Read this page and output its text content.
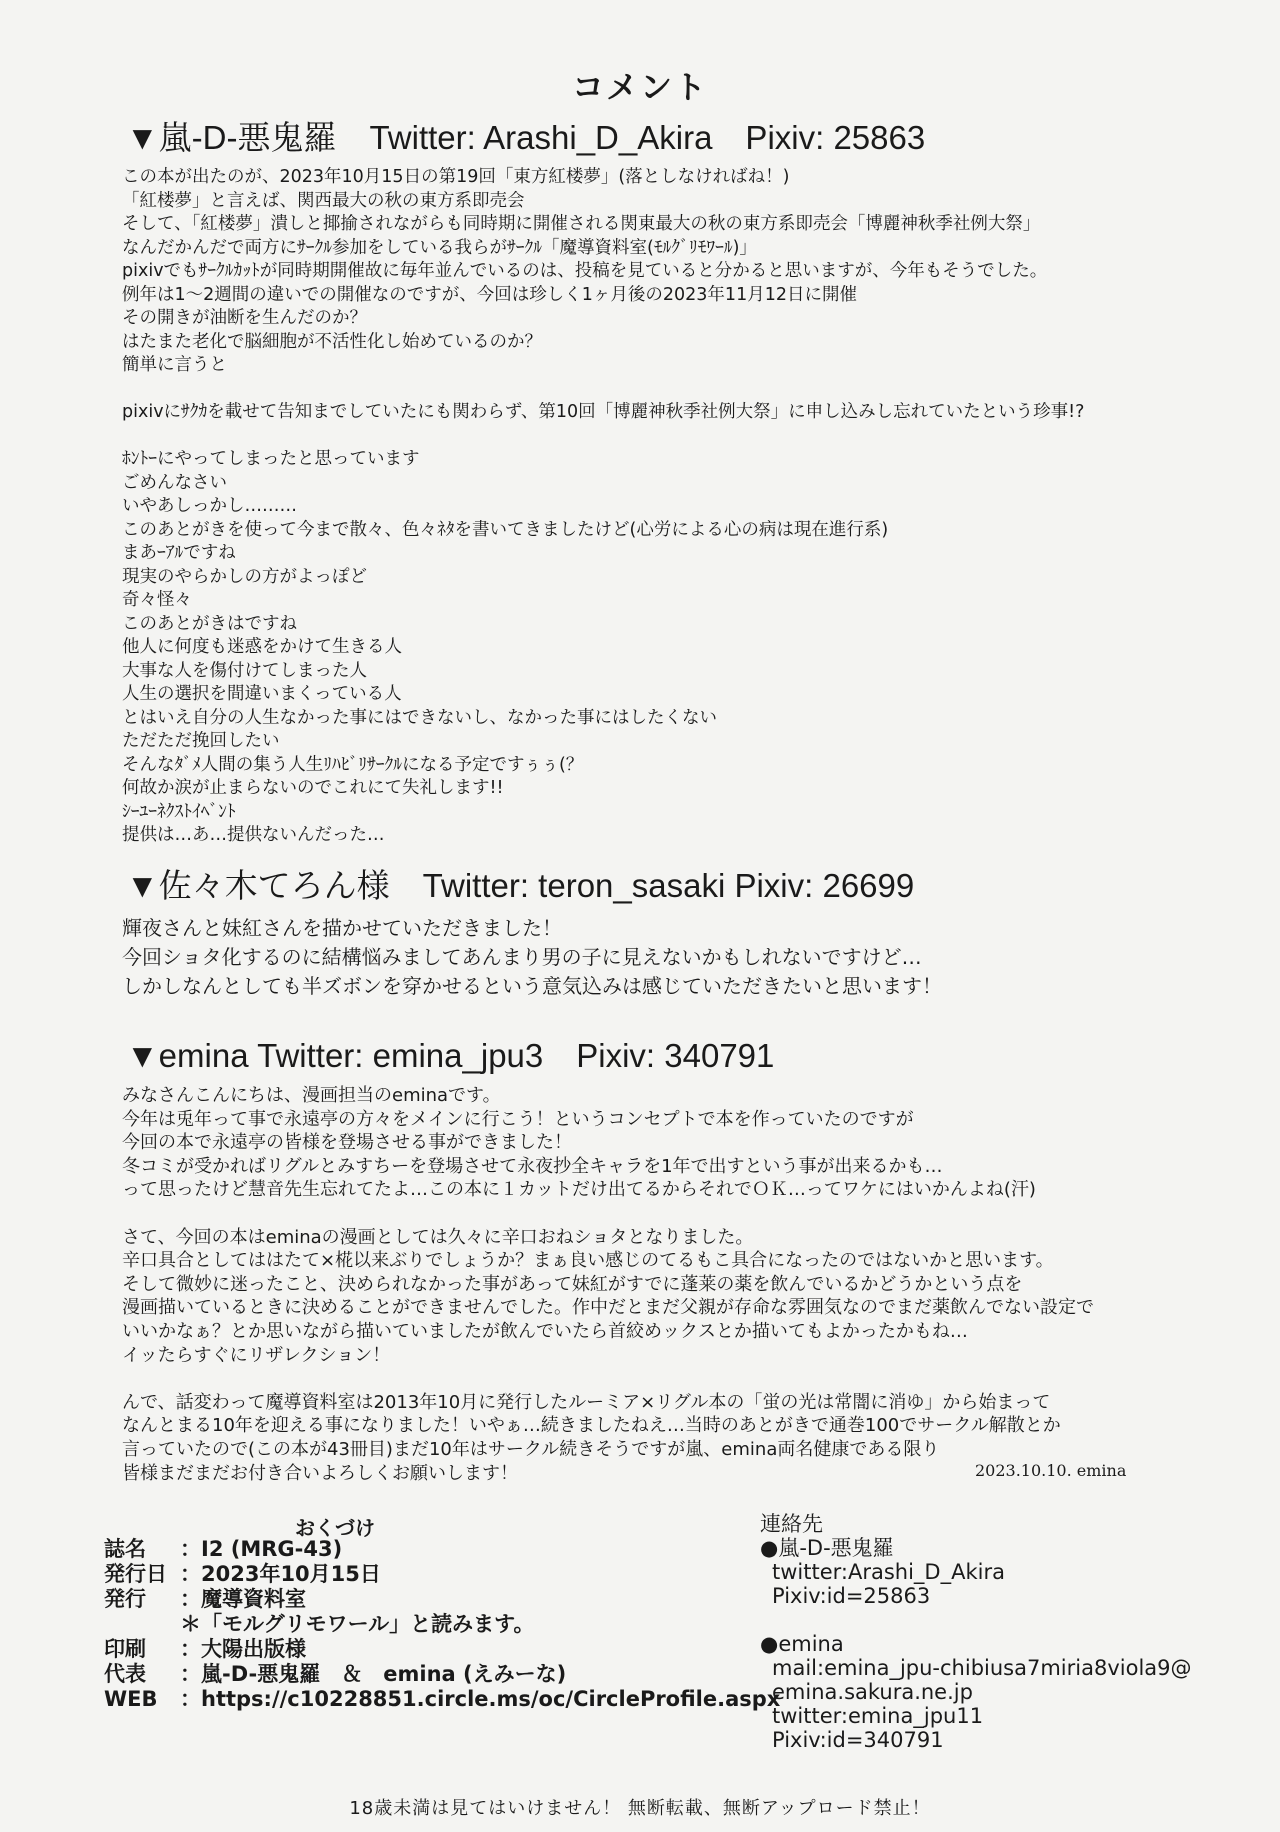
コメント
▼嵐-D-悪鬼羅　Twitter: Arashi_D_Akira　Pixiv: 25863
この本が出たのが、2023年10月15日の第19回「東方紅楼夢」(落としなければね！)
「紅楼夢」と言えば、関西最大の秋の東方系即売会
そして、「紅楼夢」潰しと揶揄されながらも同時期に開催される関東最大の秋の東方系即売会「博麗神秋季社例大祭」
なんだかんだで両方にｻｰｸﾙ参加をしている我らがｻｰｸﾙ「魔導資料室(ﾓﾙｸﾞﾘﾓﾜｰﾙ)」
pixivでもｻｰｸﾙｶｯﾄが同時期開催故に毎年並んでいるのは、投稿を見ていると分かると思いますが、今年もそうでした。
例年は1～2週間の違いでの開催なのですが、今回は珍しく1ヶ月後の2023年11月12日に開催
その開きが油断を生んだのか？
はたまた老化で脳細胞が不活性化し始めているのか？
簡単に言うと
pixivにｻｸｶを載せて告知までしていたにも関わらず、第10回「博麗神秋季社例大祭」に申し込みし忘れていたという珍事!?
ﾎﾝﾄｰにやってしまったと思っています
ごめんなさい
いやあしっかし………
このあとがきを使って今まで散々、色々ﾈﾀを書いてきましたけど(心労による心の病は現在進行系)
まあｰｱﾙですね
現実のやらかしの方がよっぽど
奇々怪々
このあとがきはですね
他人に何度も迷惑をかけて生きる人
大事な人を傷付けてしまった人
人生の選択を間違いまくっている人
とはいえ自分の人生なかった事にはできないし、なかった事にはしたくない
ただただ挽回したい
そんなﾀﾞﾒ人間の集う人生ﾘﾊﾋﾞﾘｻｰｸﾙになる予定ですぅぅ(？
何故か涙が止まらないのでこれにて失礼します!!
ｼｰﾕｰﾈｸｽﾄｲﾍﾞﾝﾄ
提供は…あ…提供ないんだった…
▼佐々木てろん様　Twitter: teron_sasaki Pixiv: 26699
輝夜さんと妹紅さんを描かせていただきました！
今回ショタ化するのに結構悩みましてあんまり男の子に見えないかもしれないですけど…
しかしなんとしても半ズボンを穿かせるという意気込みは感じていただきたいと思います！
▼emina Twitter: emina_jpu3　Pixiv: 340791
みなさんこんにちは、漫画担当のeminaです。
今年は兎年って事で永遠亭の方々をメインに行こう！というコンセプトで本を作っていたのですが
今回の本で永遠亭の皆様を登場させる事ができました！
冬コミが受かればリグルとみすちーを登場させて永夜抄全キャラを1年で出すという事が出来るかも…
って思ったけど慧音先生忘れてたよ…この本に１カットだけ出てるからそれでＯＫ…ってワケにはいかんよね(汗)
さて、今回の本はeminaの漫画としては久々に辛口おねショタとなりました。
辛口具合としてははたて×椛以来ぶりでしょうか？まぁ良い感じのてるもこ具合になったのではないかと思います。
そして微妙に迷ったこと、決められなかった事があって妹紅がすでに蓬莱の薬を飲んでいるかどうかという点を
漫画描いているときに決めることができませんでした。作中だとまだ父親が存命な雰囲気なのでまだ薬飲んでない設定で
いいかなぁ？とか思いながら描いていましたが飲んでいたら首絞めックスとか描いてもよかったかもね…
イッたらすぐにリザレクション！
んで、話変わって魔導資料室は2013年10月に発行したルーミア×リグル本の「蛍の光は常闇に消ゆ」から始まって
なんとまる10年を迎える事になりました！いやぁ…続きましたねえ…当時のあとがきで通巻100でサークル解散とか
言っていたので(この本が43冊目)まだ10年はサークル続きそうですが嵐、emina両名健康である限り
皆様まだまだお付き合いよろしくお願いします！	2023.10.10. emina
おくづけ
誌名 ：I2 (MRG-43)
発行日 ：2023年10月15日
発行 ：魔導資料室
＊「モルグリモワール」と読みます。
印刷 ：大陽出版様
代表 ：嵐-D-悪鬼羅　＆　emina (えみーな)
WEB ：https://c10228851.circle.ms/oc/CircleProfile.aspx
連絡先
●嵐-D-悪鬼羅
twitter:Arashi_D_Akira
Pixiv:id=25863
●emina
mail:emina_jpu-chibiusa7miria8viola9@
emina.sakura.ne.jp
twitter:emina_jpu11
Pixiv:id=340791
18歳未満は見てはいけません！ 無断転載、無断アップロード禁止！
